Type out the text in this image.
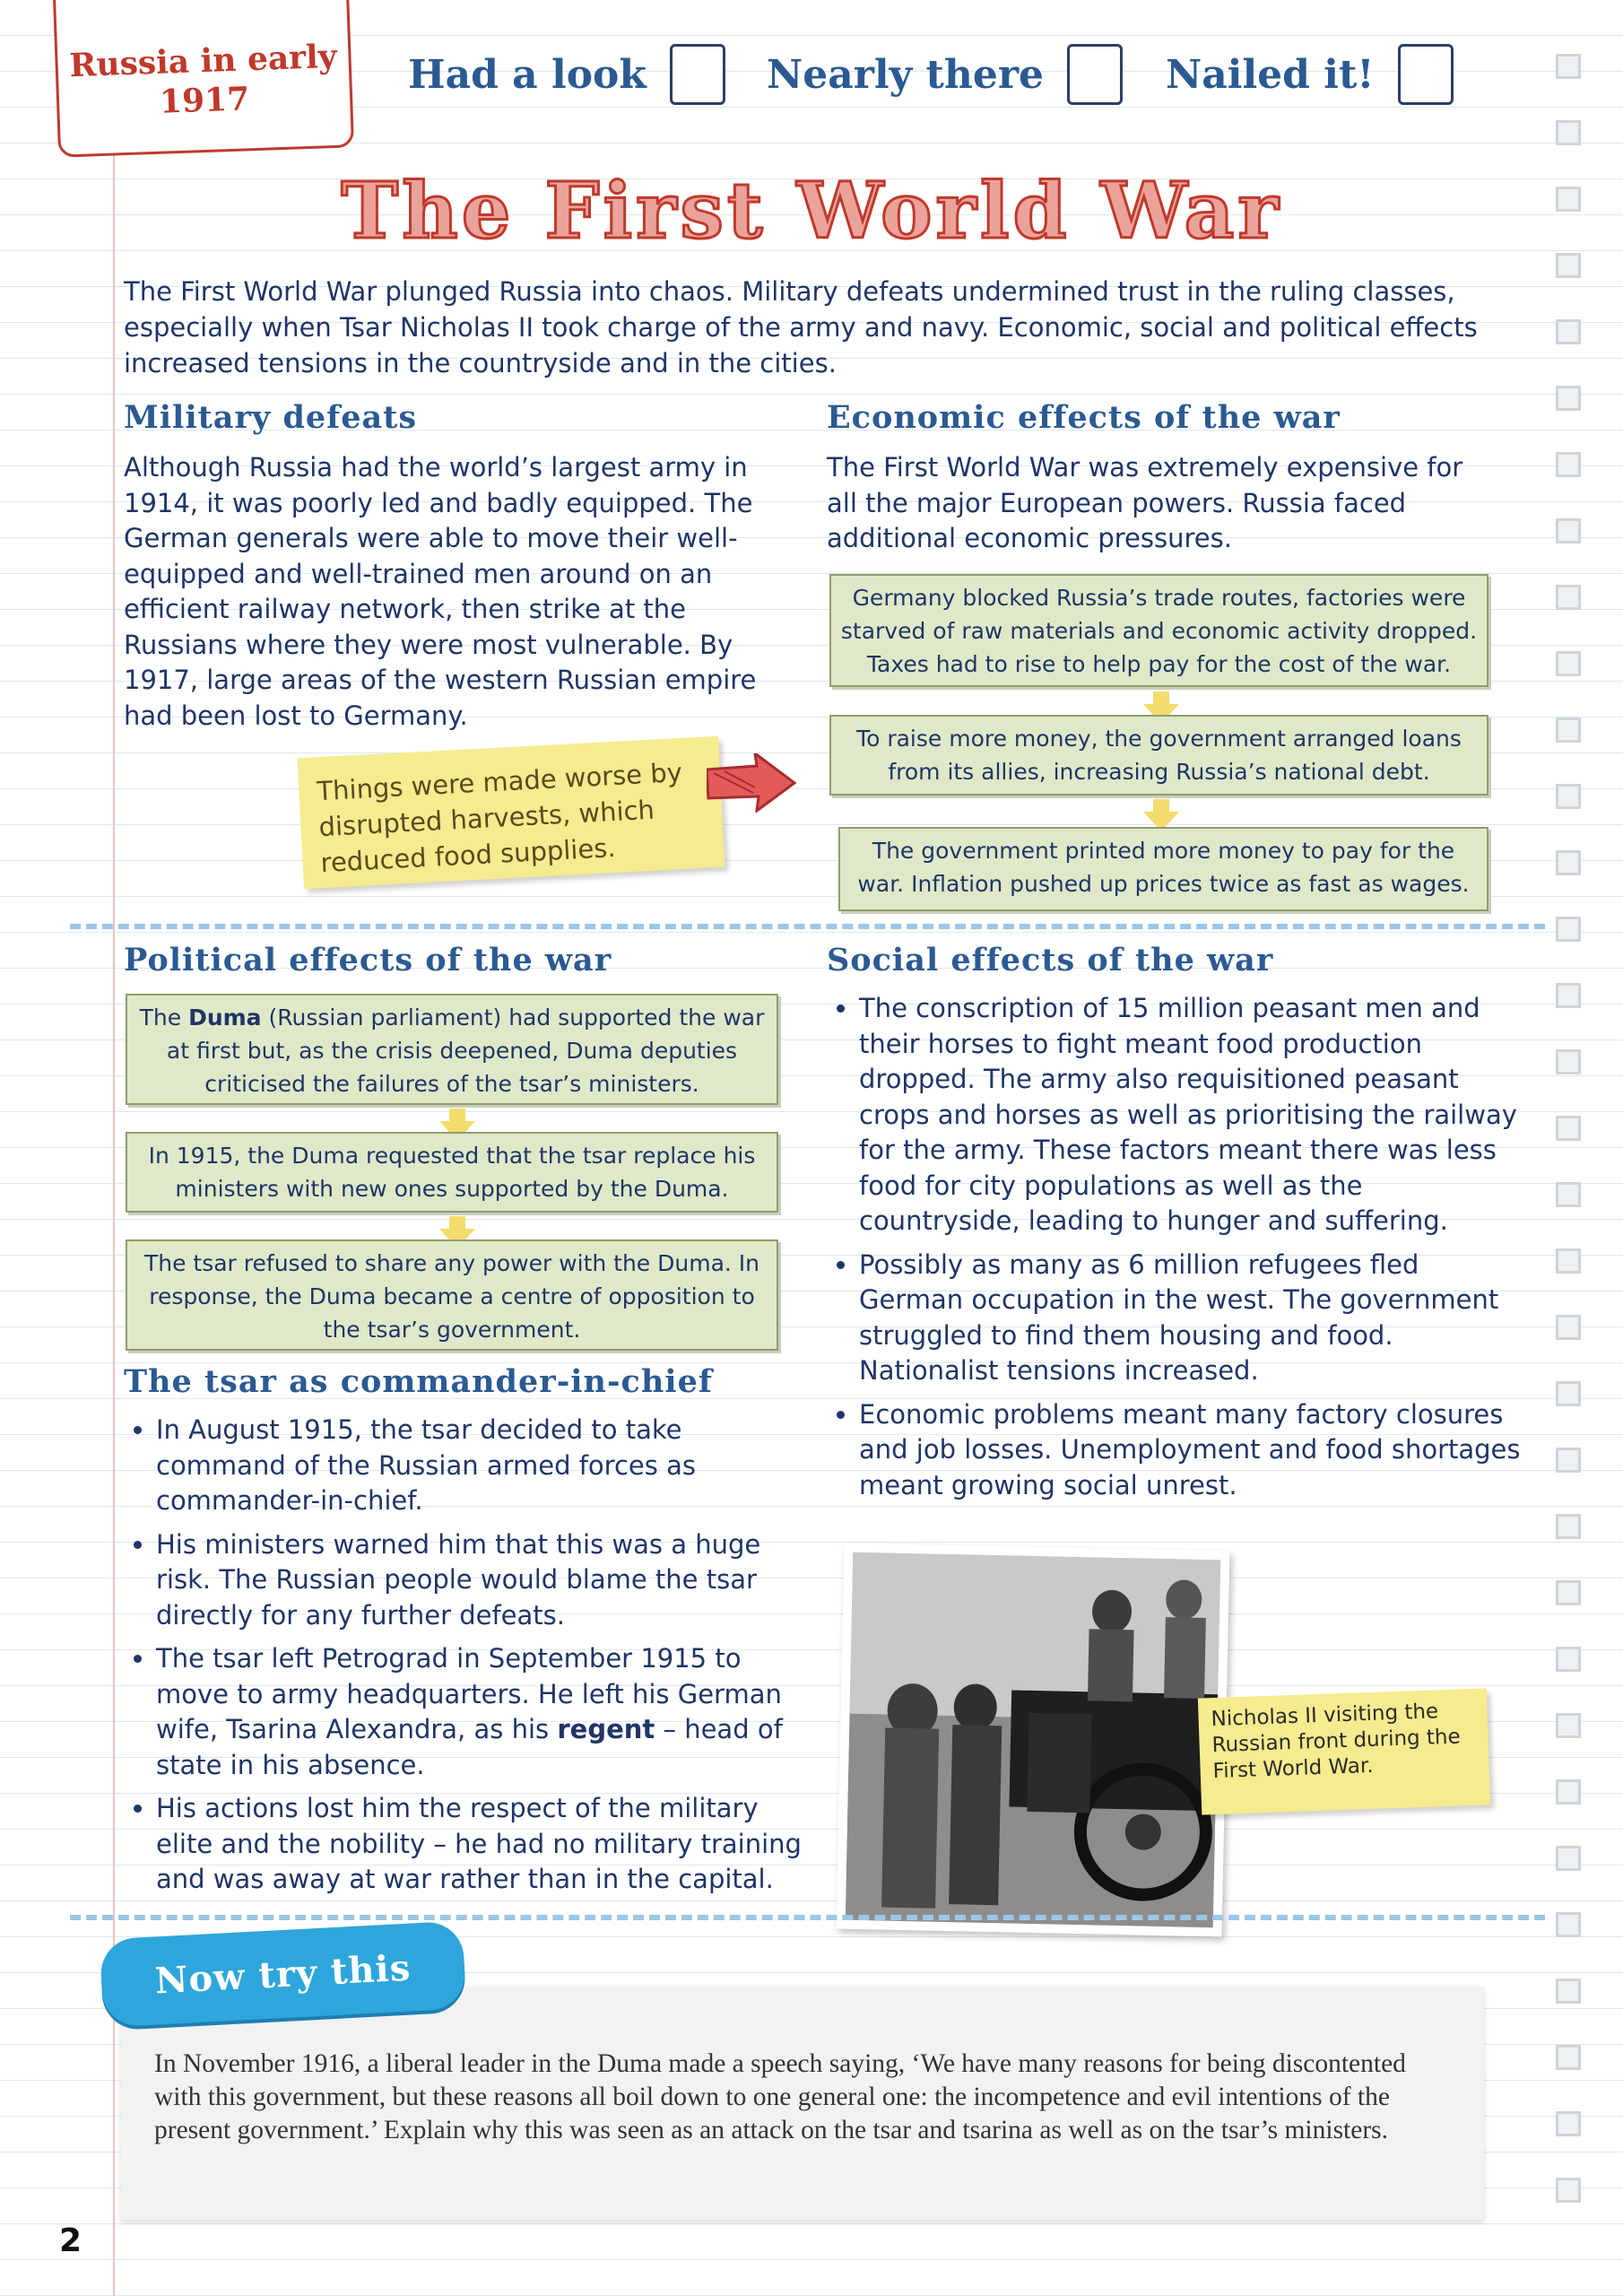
Russia in early 1917
Had a look	Nearly there	Nailed it!
The First World War
The First World War plunged Russia into chaos. Military defeats undermined trust in the ruling classes, especially when Tsar Nicholas II took charge of the army and navy. Economic, social and political effects increased tensions in the countryside and in the cities.
Military defeats
Although Russia had the world’s largest army in 1914, it was poorly led and badly equipped. The German generals were able to move their well-equipped and well-trained men around on an efficient railway network, then strike at the Russians where they were most vulnerable. By 1917, large areas of the western Russian empire had been lost to Germany.
Things were made worse by disrupted harvests, which reduced food supplies.
Economic effects of the war
The First World War was extremely expensive for all the major European powers. Russia faced additional economic pressures.
Germany blocked Russia’s trade routes, factories were starved of raw materials and economic activity dropped. Taxes had to rise to help pay for the cost of the war.
To raise more money, the government arranged loans from its allies, increasing Russia’s national debt.
The government printed more money to pay for the war. Inflation pushed up prices twice as fast as wages.
Political effects of the war
The Duma (Russian parliament) had supported the war at first but, as the crisis deepened, Duma deputies criticised the failures of the tsar’s ministers.
In 1915, the Duma requested that the tsar replace his ministers with new ones supported by the Duma.
The tsar refused to share any power with the Duma. In response, the Duma became a centre of opposition to the tsar’s government.
The tsar as commander-in-chief
• In August 1915, the tsar decided to take command of the Russian armed forces as commander-in-chief.
• His ministers warned him that this was a huge risk. The Russian people would blame the tsar directly for any further defeats.
• The tsar left Petrograd in September 1915 to move to army headquarters. He left his German wife, Tsarina Alexandra, as his regent – head of state in his absence.
• His actions lost him the respect of the military elite and the nobility – he had no military training and was away at war rather than in the capital.
Social effects of the war
• The conscription of 15 million peasant men and their horses to fight meant food production dropped. The army also requisitioned peasant crops and horses as well as prioritising the railway for the army. These factors meant there was less food for city populations as well as the countryside, leading to hunger and suffering.
• Possibly as many as 6 million refugees fled German occupation in the west. The government struggled to find them housing and food. Nationalist tensions increased.
• Economic problems meant many factory closures and job losses. Unemployment and food shortages meant growing social unrest.
Nicholas II visiting the Russian front during the First World War.
Now try this
In November 1916, a liberal leader in the Duma made a speech saying, ‘We have many reasons for being discontented with this government, but these reasons all boil down to one general one: the incompetence and evil intentions of the present government.’ Explain why this was seen as an attack on the tsar and tsarina as well as on the tsar’s ministers.
2
